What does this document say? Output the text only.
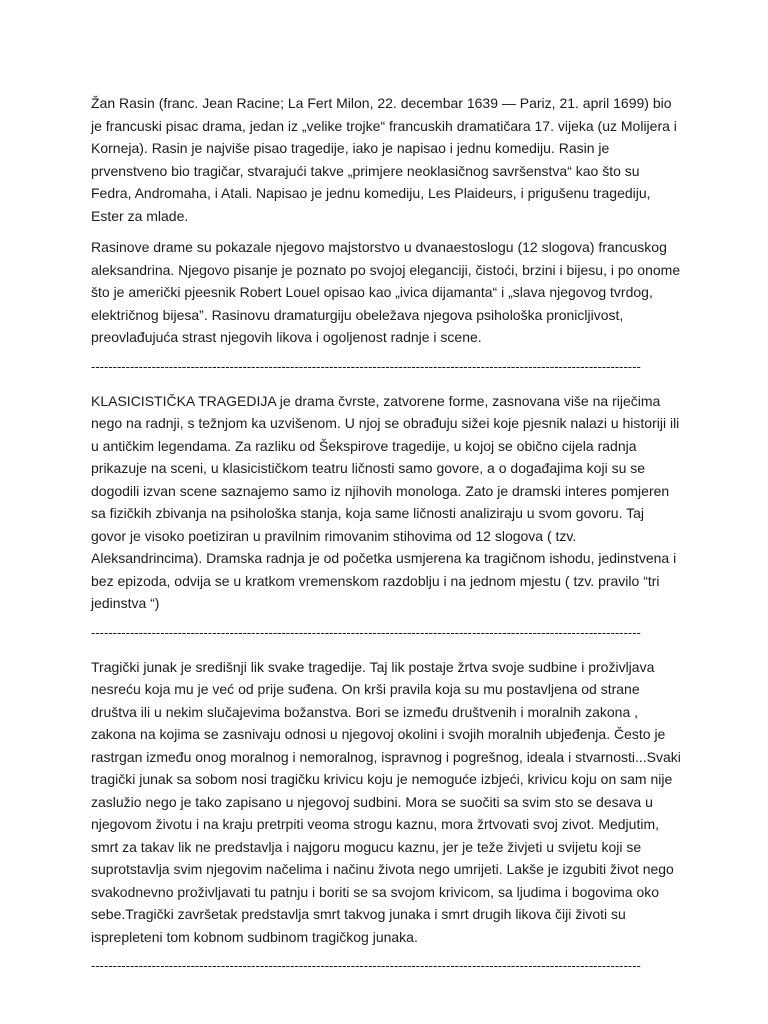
Žan Rasin (franc. Jean Racine; La Fert Milon, 22. decembar 1639 — Pariz, 21. april 1699) bio je francuski pisac drama, jedan iz „velike trojke“ francuskih dramatičara 17. vijeka (uz Molijera i Korneja). Rasin je najviše pisao tragedije, iako je napisao i jednu komediju. Rasin je prvenstveno bio tragičar, stvarajući takve „primjere neoklasičnog savršenstva“ kao što su Fedra, Andromaha, i Atali. Napisao je jednu komediju, Les Plaideurs, i prigušenu tragediju, Ester za mlade.

Rasinove drame su pokazale njegovo majstorstvo u dvanaestoslogu (12 slogova) francuskog aleksandrina. Njegovo pisanje je poznato po svojoj eleganciji, čistoći, brzini i bijesu, i po onome što je američki pjeesnik Robert Louel opisao kao „ivica dijamanta“ i „slava njegovog tvrdog, električnog bijesa”. Rasinovu dramaturgiju obeležava njegova psihološka pronicljivost, preovlađujuća strast njegovih likova i ogoljenost radnje i scene.

-------------------------------------------------------------------------------------------------------------------------------

KLASICISTIČKA TRAGEDIJA je drama čvrste, zatvorene forme, zasnovana više na riječima nego na radnji, s težnjom ka uzvišenom. U njoj se obrađuju sižei koje pjesnik nalazi u historiji ili u antičkim legendama. Za razliku od Šekspirove tragedije, u kojoj se obično cijela radnja prikazuje na sceni, u klasicističkom teatru ličnosti samo govore, a o događajima koji su se dogodili izvan scene saznajemo samo iz njihovih monologa. Zato je dramski interes pomjeren sa fizičkih zbivanja na psihološka stanja, koja same ličnosti analiziraju u svom govoru. Taj govor je visoko poetiziran u pravilnim rimovanim stihovima od 12 slogova ( tzv. Aleksandrincima). Dramska radnja je od početka usmjerena ka tragičnom ishodu, jedinstvena i bez epizoda, odvija se u kratkom vremenskom razdoblju i na jednom mjestu ( tzv. pravilo “tri jedinstva “)

-------------------------------------------------------------------------------------------------------------------------------

Tragički junak je središnji lik svake tragedije. Taj lik postaje žrtva svoje sudbine i proživljava nesreću koja mu je već od prije suđena. On krši pravila koja su mu postavljena od strane društva ili u nekim slučajevima božanstva. Bori se između društvenih i moralnih zakona , zakona na kojima se zasnivaju odnosi u njegovoj okolini i svojih moralnih ubjeđenja. Često je rastrgan između onog moralnog i nemoralnog, ispravnog i pogrešnog, ideala i stvarnosti...Svaki tragički junak sa sobom nosi tragičku krivicu koju je nemoguće izbjeći, krivicu koju on sam nije zaslužio nego je tako zapisano u njegovoj sudbini. Mora se suočiti sa svim sto se desava u njegovom životu i na kraju pretrpiti veoma strogu kaznu, mora žrtvovati svoj zivot. Medjutim, smrt za takav lik ne predstavlja i najgoru mogucu kaznu, jer je teže živjeti u svijetu koji se suprotstavlja svim njegovim načelima i načinu života nego umrijeti. Lakše je izgubiti život nego svakodnevno proživljavati tu patnju i boriti se sa svojom krivicom, sa ljudima i bogovima oko sebe.Tragički završetak predstavlja smrt takvog junaka i smrt drugih likova čiji životi su isprepleteni tom kobnom sudbinom tragičkog junaka.

-------------------------------------------------------------------------------------------------------------------------------
